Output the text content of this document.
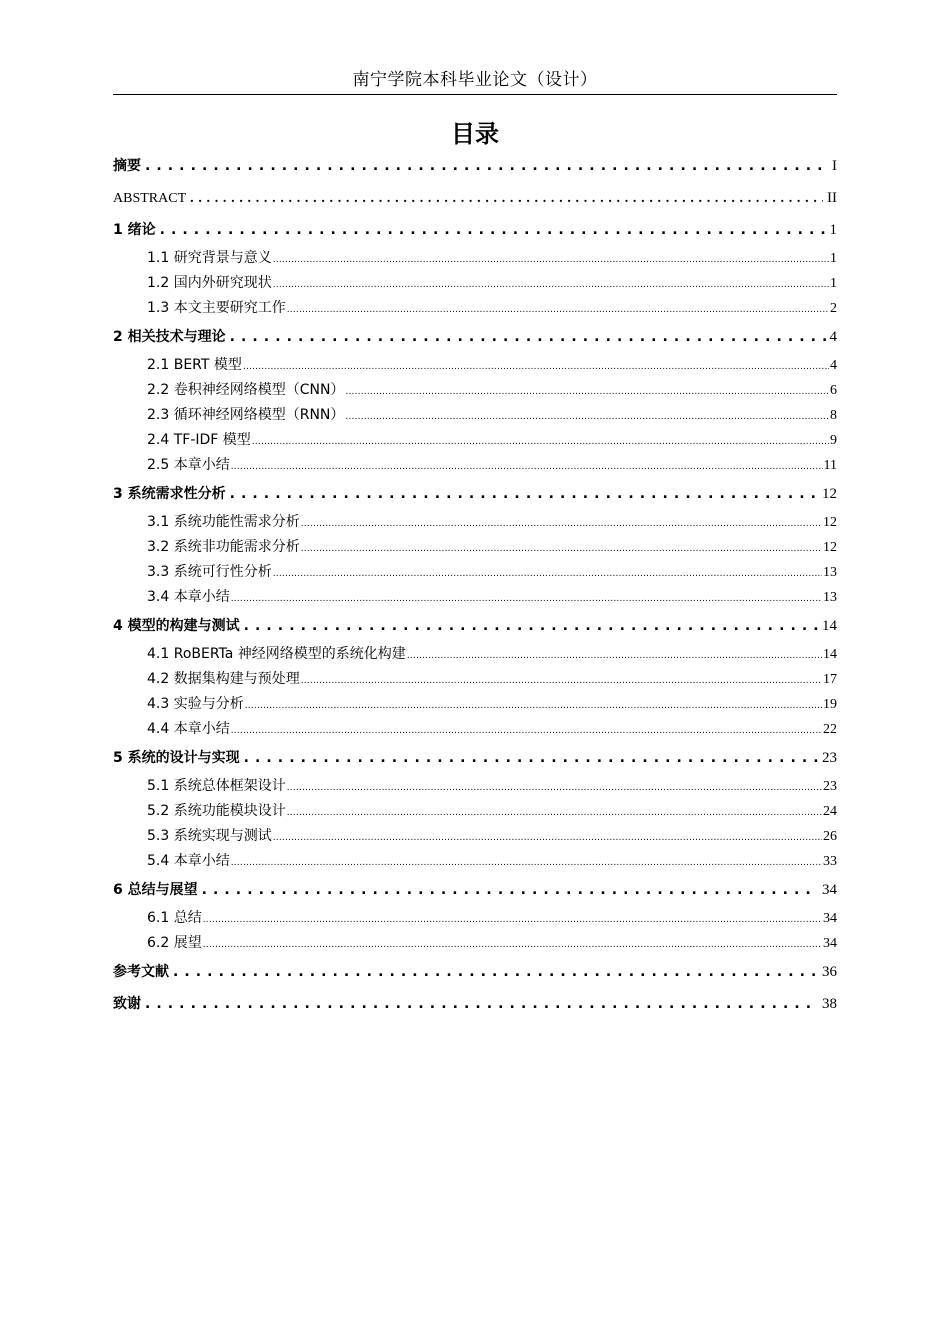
南宁学院本科毕业论文（设计）
目录
摘要 . . .	I
ABSTRACT . . .	II
1 绪论 . . .	1
1.1 研究背景与意义 .....	1
1.2 国内外研究现状 .....	1
1.3 本文主要研究工作 .....	2
2 相关技术与理论 . . .	4
2.1 BERT 模型 .....	4
2.2 卷积神经网络模型（CNN） .....	6
2.3 循环神经网络模型（RNN） .....	8
2.4 TF-IDF 模型 .....	9
2.5 本章小结 .....	11
3 系统需求性分析 . . .	12
3.1 系统功能性需求分析 .....	12
3.2 系统非功能需求分析 .....	12
3.3 系统可行性分析 .....	13
3.4 本章小结 .....	13
4 模型的构建与测试 . . .	14
4.1 RoBERTa 神经网络模型的系统化构建 .....	14
4.2 数据集构建与预处理 .....	17
4.3 实验与分析 .....	19
4.4 本章小结 .....	22
5 系统的设计与实现 . . .	23
5.1 系统总体框架设计 .....	23
5.2 系统功能模块设计 .....	24
5.3 系统实现与测试 .....	26
5.4 本章小结 .....	33
6 总结与展望 . . .	34
6.1 总结 .....	34
6.2 展望 .....	34
参考文献 . . .	36
致谢 . . .	38
